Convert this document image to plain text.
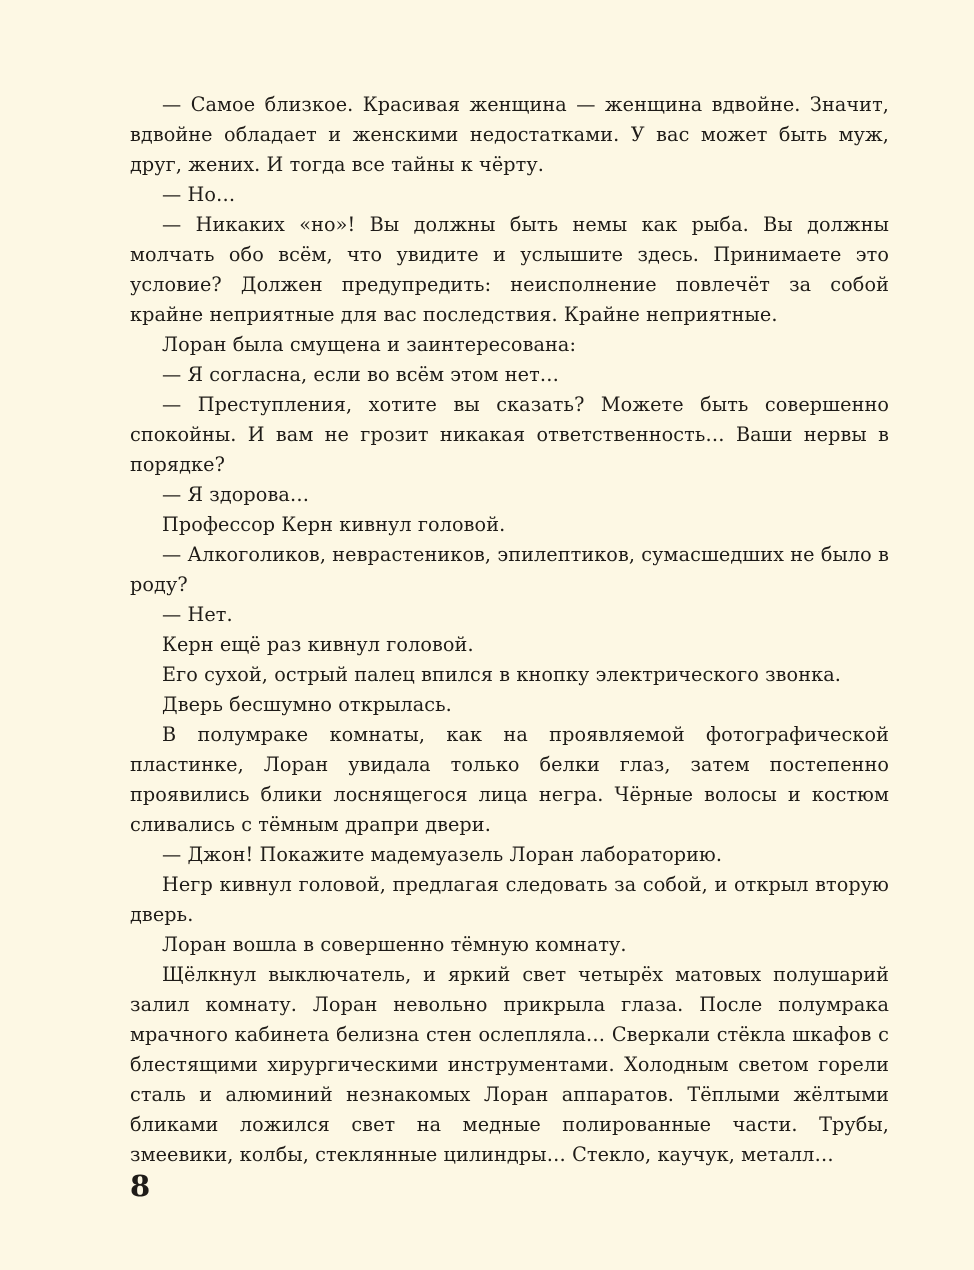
— Самое близкое. Красивая женщина — женщина вдвойне. Значит, вдвойне обладает и женскими недостатками. У вас может быть муж, друг, жених. И тогда все тайны к чёрту.

— Но…

— Никаких «но»! Вы должны быть немы как рыба. Вы должны молчать обо всём, что увидите и услышите здесь. Принимаете это условие? Должен предупредить: неисполнение повлечёт за собой крайне неприятные для вас последствия. Крайне неприятные.

Лоран была смущена и заинтересована:

— Я согласна, если во всём этом нет…

— Преступления, хотите вы сказать? Можете быть совершенно спокойны. И вам не грозит никакая ответственность… Ваши нервы в порядке?

— Я здорова…

Профессор Керн кивнул головой.

— Алкоголиков, неврастеников, эпилептиков, сумасшедших не было в роду?

— Нет.

Керн ещё раз кивнул головой.

Его сухой, острый палец впился в кнопку электрического звонка.

Дверь бесшумно открылась.

В полумраке комнаты, как на проявляемой фотографической пластинке, Лоран увидала только белки глаз, затем постепенно проявились блики лоснящегося лица негра. Чёрные волосы и костюм сливались с тёмным драпри двери.

— Джон! Покажите мадемуазель Лоран лабораторию.

Негр кивнул головой, предлагая следовать за собой, и открыл вторую дверь.

Лоран вошла в совершенно тёмную комнату.

Щёлкнул выключатель, и яркий свет четырёх матовых полушарий залил комнату. Лоран невольно прикрыла глаза. После полумрака мрачного кабинета белизна стен ослепляла… Сверкали стёкла шкафов с блестящими хирургическими инструментами. Холодным светом горели сталь и алюминий незнакомых Лоран аппаратов. Тёплыми жёлтыми бликами ложился свет на медные полированные части. Трубы, змеевики, колбы, стеклянные цилиндры… Стекло, каучук, металл…

8
